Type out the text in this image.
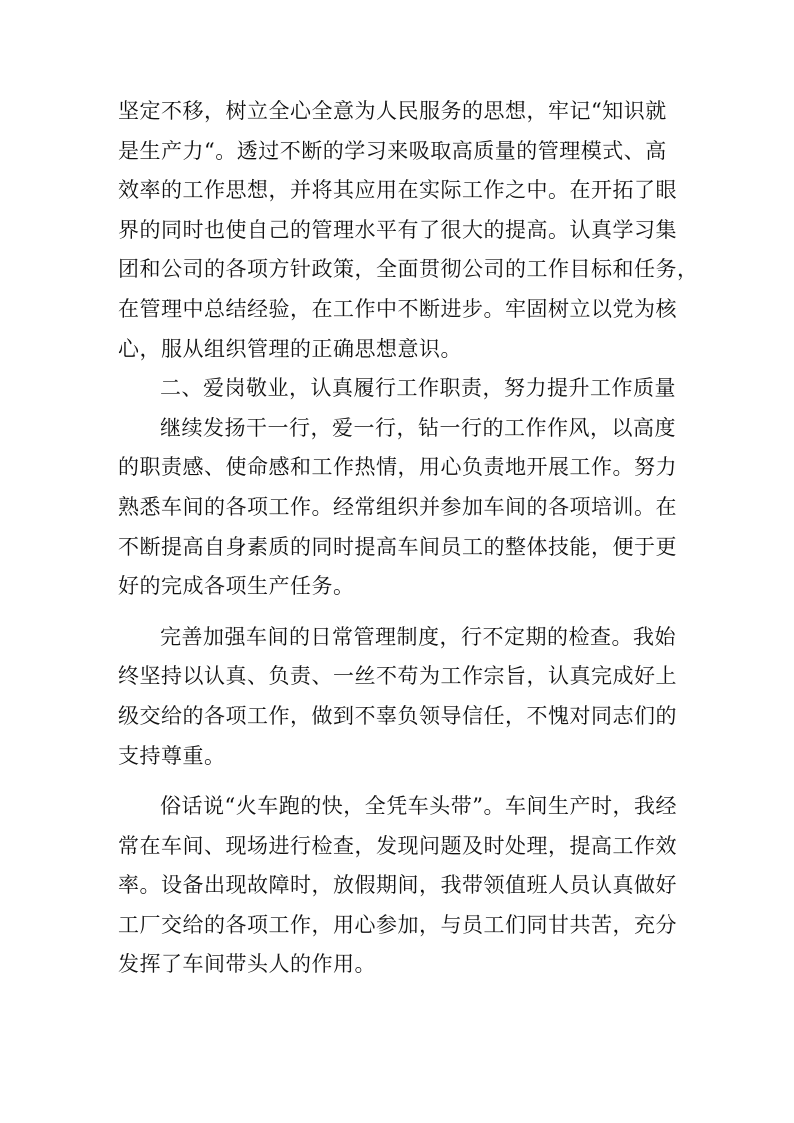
坚定不移，树立全心全意为人民服务的思想，牢记“知识就
是生产力“。透过不断的学习来吸取高质量的管理模式、高
效率的工作思想，并将其应用在实际工作之中。在开拓了眼
界的同时也使自己的管理水平有了很大的提高。认真学习集
团和公司的各项方针政策，全面贯彻公司的工作目标和任务，
在管理中总结经验，在工作中不断进步。牢固树立以党为核
心，服从组织管理的正确思想意识。

二、爱岗敬业，认真履行工作职责，努力提升工作质量

继续发扬干一行，爱一行，钻一行的工作作风，以高度
的职责感、使命感和工作热情，用心负责地开展工作。努力
熟悉车间的各项工作。经常组织并参加车间的各项培训。在
不断提高自身素质的同时提高车间员工的整体技能，便于更
好的完成各项生产任务。

完善加强车间的日常管理制度，行不定期的检查。我始
终坚持以认真、负责、一丝不苟为工作宗旨，认真完成好上
级交给的各项工作，做到不辜负领导信任，不愧对同志们的
支持尊重。

俗话说“火车跑的快，全凭车头带”。车间生产时，我经
常在车间、现场进行检查，发现问题及时处理，提高工作效
率。设备出现故障时，放假期间，我带领值班人员认真做好
工厂交给的各项工作，用心参加，与员工们同甘共苦，充分
发挥了车间带头人的作用。
